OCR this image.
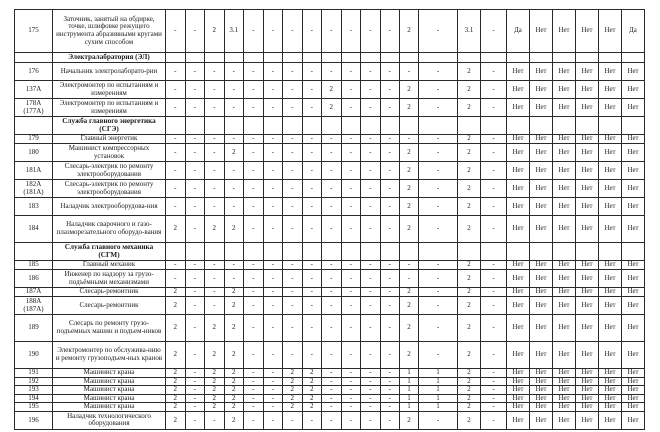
175	Заточник, занятый на обдирке, точке, шлифовке режущего инструмента абразивными кругами сухим способом	-	-	2	3.1	-	-	-	-	-	-	-	-	2	-	3.1	-	Да	Нет	Нет	Нет	Нет	Да
	Электралабратория (ЭЛ)																						
176	Начальник электролаборато-рии	-	-	-	-	-	-	-	-	-	-	-	-	-	-	2	-	Нет	Нет	Нет	Нет	Нет	Нет
137А	Электромонтер по испытаниям и измерениям	-	-	-	-	-	-	-	-	2	-	-	-	2	-	2	-	Нет	Нет	Нет	Нет	Нет	Нет
178А (177А)	Электромонтер по испытаниям и измерениям	-	-	-	-	-	-	-	-	2	-	-	-	2	-	2	-	Нет	Нет	Нет	Нет	Нет	Нет
	Служба главного энергетика (СГЭ)																						
179	Главный энергетик	-	-	-	-	-	-	-	-	-	-	-	-	-	-	2	-	Нет	Нет	Нет	Нет	Нет	Нет
180	Машинист компрессорных установок	-	-	-	2	-	-	-	-	-	-	-	-	2	-	2	-	Нет	Нет	Нет	Нет	Нет	Нет
181А	Слесарь-электрик по ремонту электрооборудования	-	-	-	-	-	-	-	-	-	-	-	-	2	-	2	-	Нет	Нет	Нет	Нет	Нет	Нет
182А (181А)	Слесарь-электрик по ремонту электрооборудования	-	-	-	-	-	-	-	-	-	-	-	-	2	-	2	-	Нет	Нет	Нет	Нет	Нет	Нет
183	Наладчик электрооборудова-ния	-	-	-	-	-	-	-	-	-	-	-	-	2	-	2	-	Нет	Нет	Нет	Нет	Нет	Нет
184	Наладчик сварочного и газо-плазморезательного оборудо-вания	2	-	2	2	-	-	-	-	-	-	-	-	2	-	2	-	Нет	Нет	Нет	Нет	Нет	Нет
	Служба главного механика (СГМ)																						
185	Главный механик	-	-	-	-	-	-	-	-	-	-	-	-	-	-	2	-	Нет	Нет	Нет	Нет	Нет	Нет
186	Инженер по надзору за грузо-подъёмными механизмами	-	-	-	-	-	-	-	-	-	-	-	-	-	-	2	-	Нет	Нет	Нет	Нет	Нет	Нет
187А	Слесарь-ремонтник	2	-	-	2	-	-	-	-	-	-	-	-	2	-	2	-	Нет	Нет	Нет	Нет	Нет	Нет
188А (187А)	Слесарь-ремонтник	2	-	-	2	-	-	-	-	-	-	-	-	2	-	2	-	Нет	Нет	Нет	Нет	Нет	Нет
189	Слесарь по ремонту грузо-подъемных машин и подъем-ников	2	-	2	2	-	-	-	-	-	-	-	-	2	-	2	-	Нет	Нет	Нет	Нет	Нет	Нет
190	Электромонтер по обслужива-нию и ремонту грузоподъем-ных кранов	2	-	2	2	-	-	-	-	-	-	-	-	2	-	2	-	Нет	Нет	Нет	Нет	Нет	Нет
191	Машинист крана	2	-	2	2	-	-	2	2	-	-	-	-	1	1	2	-	Нет	Нет	Нет	Нет	Нет	Нет
192	Машинист крана	2	-	2	2	-	-	2	2	-	-	-	-	1	1	2	-	Нет	Нет	Нет	Нет	Нет	Нет
193	Машинист крана	2	-	2	2	-	-	2	2	-	-	-	-	1	1	2	-	Нет	Нет	Нет	Нет	Нет	Нет
194	Машинист крана	2	-	2	2	-	-	2	2	-	-	-	-	1	1	2	-	Нет	Нет	Нет	Нет	Нет	Нет
195	Машинист крана	2	-	2	2	-	-	2	2	-	-	-	-	1	1	2	-	Нет	Нет	Нет	Нет	Нет	Нет
196	Наладчик технологического оборудования	2	-	-	2	-	-	-	-	-	-	-	-	2	-	2	-	Нет	Нет	Нет	Нет	Нет	Нет
